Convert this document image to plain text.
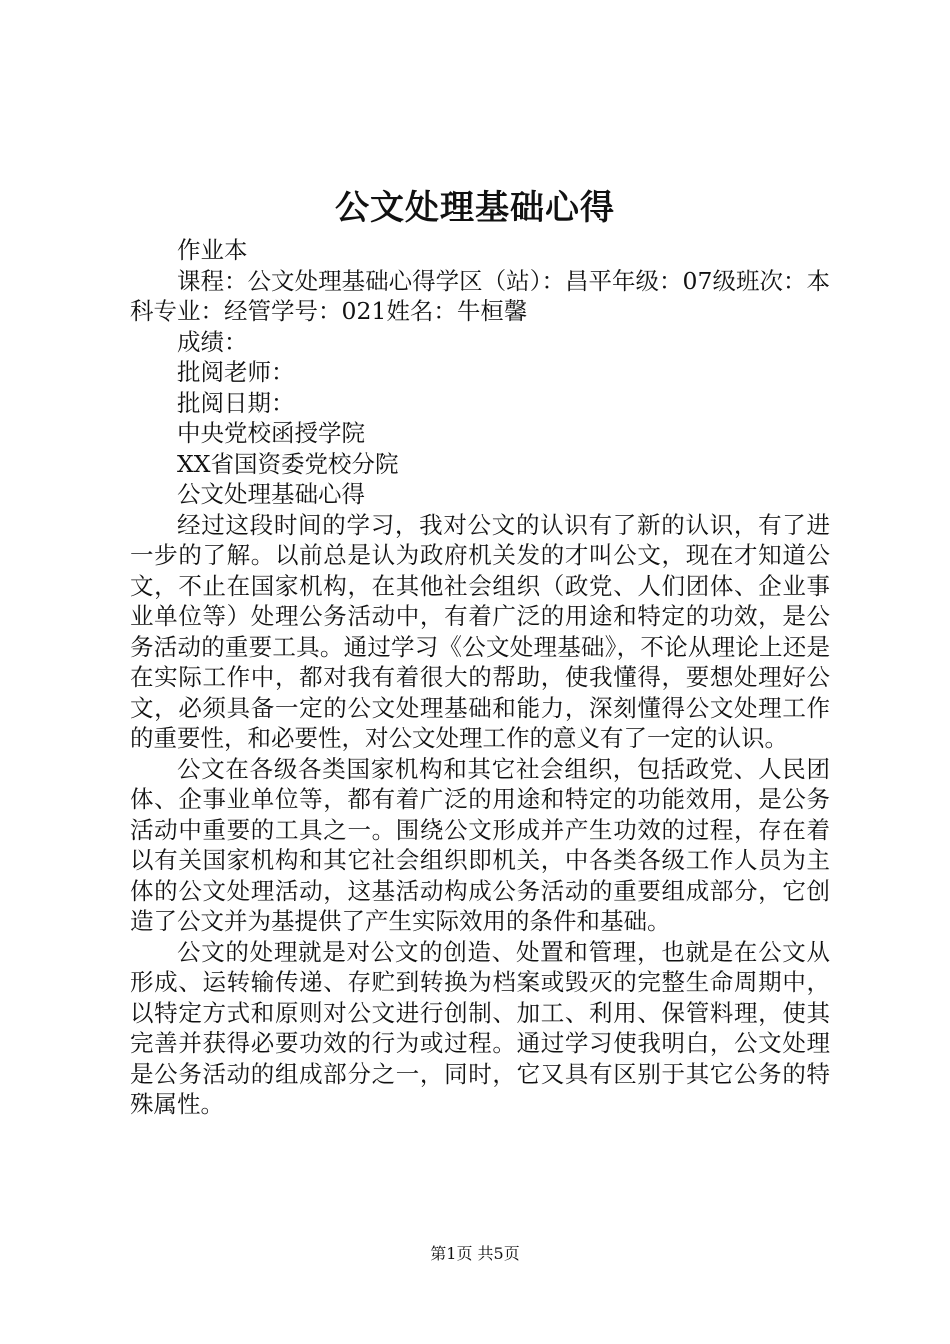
公文处理基础心得

作业本

课程：公文处理基础心得学区（站）：昌平年级：07级班次：本科专业：经管学号：021姓名：牛桓馨

成绩：

批阅老师：

批阅日期：

中央党校函授学院

XX省国资委党校分院

公文处理基础心得

经过这段时间的学习，我对公文的认识有了新的认识，有了进一步的了解。以前总是认为政府机关发的才叫公文，现在才知道公文，不止在国家机构，在其他社会组织（政党、人们团体、企业事业单位等）处理公务活动中，有着广泛的用途和特定的功效，是公务活动的重要工具。通过学习《公文处理基础》，不论从理论上还是在实际工作中，都对我有着很大的帮助，使我懂得，要想处理好公文，必须具备一定的公文处理基础和能力，深刻懂得公文处理工作的重要性，和必要性，对公文处理工作的意义有了一定的认识。

公文在各级各类国家机构和其它社会组织，包括政党、人民团体、企事业单位等，都有着广泛的用途和特定的功能效用，是公务活动中重要的工具之一。围绕公文形成并产生功效的过程，存在着以有关国家机构和其它社会组织即机关，中各类各级工作人员为主体的公文处理活动，这基活动构成公务活动的重要组成部分，它创造了公文并为基提供了产生实际效用的条件和基础。

公文的处理就是对公文的创造、处置和管理，也就是在公文从形成、运转输传递、存贮到转换为档案或毁灭的完整生命周期中，以特定方式和原则对公文进行创制、加工、利用、保管料理，使其完善并获得必要功效的行为或过程。通过学习使我明白，公文处理是公务活动的组成部分之一，同时，它又具有区别于其它公务的特殊属性。

第1页 共5页
